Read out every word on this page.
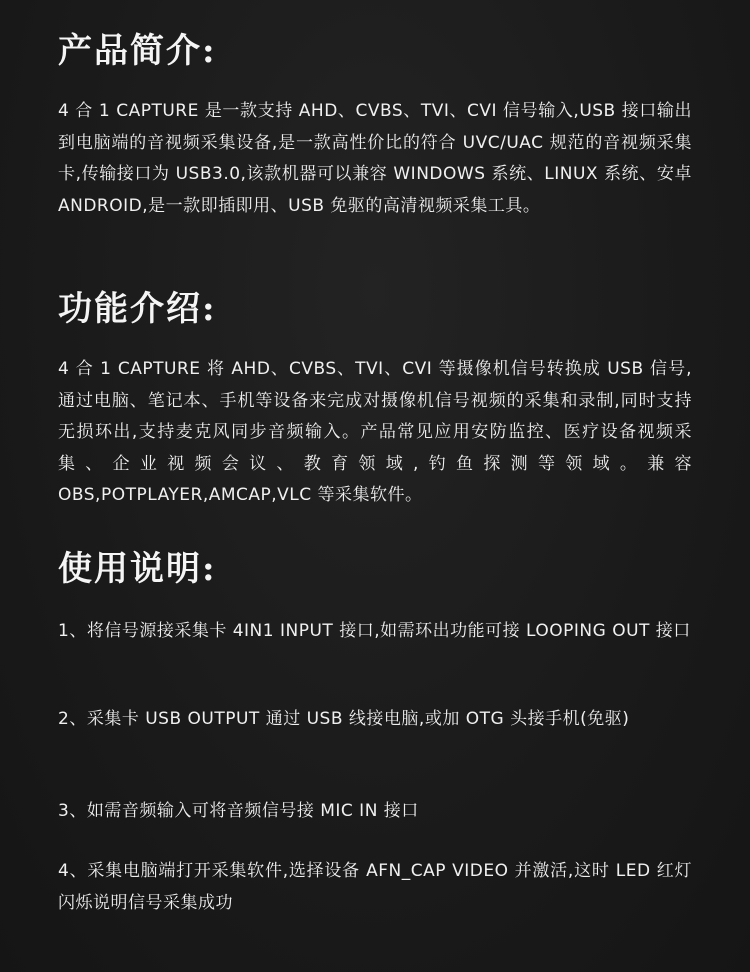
产品简介:

4 合 1 CAPTURE 是一款支持 AHD、CVBS、TVI、CVI 信号输入,USB 接口输出到电脑端的音视频采集设备,是一款高性价比的符合 UVC/UAC 规范的音视频采集卡,传输接口为 USB3.0,该款机器可以兼容 WINDOWS 系统、LINUX 系统、安卓 ANDROID,是一款即插即用、USB 免驱的高清视频采集工具。

功能介绍:

4 合 1 CAPTURE 将 AHD、CVBS、TVI、CVI 等摄像机信号转换成 USB 信号,通过电脑、笔记本、手机等设备来完成对摄像机信号视频的采集和录制,同时支持无损环出,支持麦克风同步音频输入。产品常见应用安防监控、医疗设备视频采集、企业视频会议、教育领域,钓鱼探测等领域。兼容 OBS,POTPLAYER,AMCAP,VLC 等采集软件。

使用说明:

1、将信号源接采集卡 4IN1 INPUT 接口,如需环出功能可接 LOOPING OUT 接口

2、采集卡 USB OUTPUT 通过 USB 线接电脑,或加 OTG 头接手机(免驱)

3、如需音频输入可将音频信号接 MIC IN 接口

4、采集电脑端打开采集软件,选择设备 AFN_CAP VIDEO 并激活,这时 LED 红灯闪烁说明信号采集成功
